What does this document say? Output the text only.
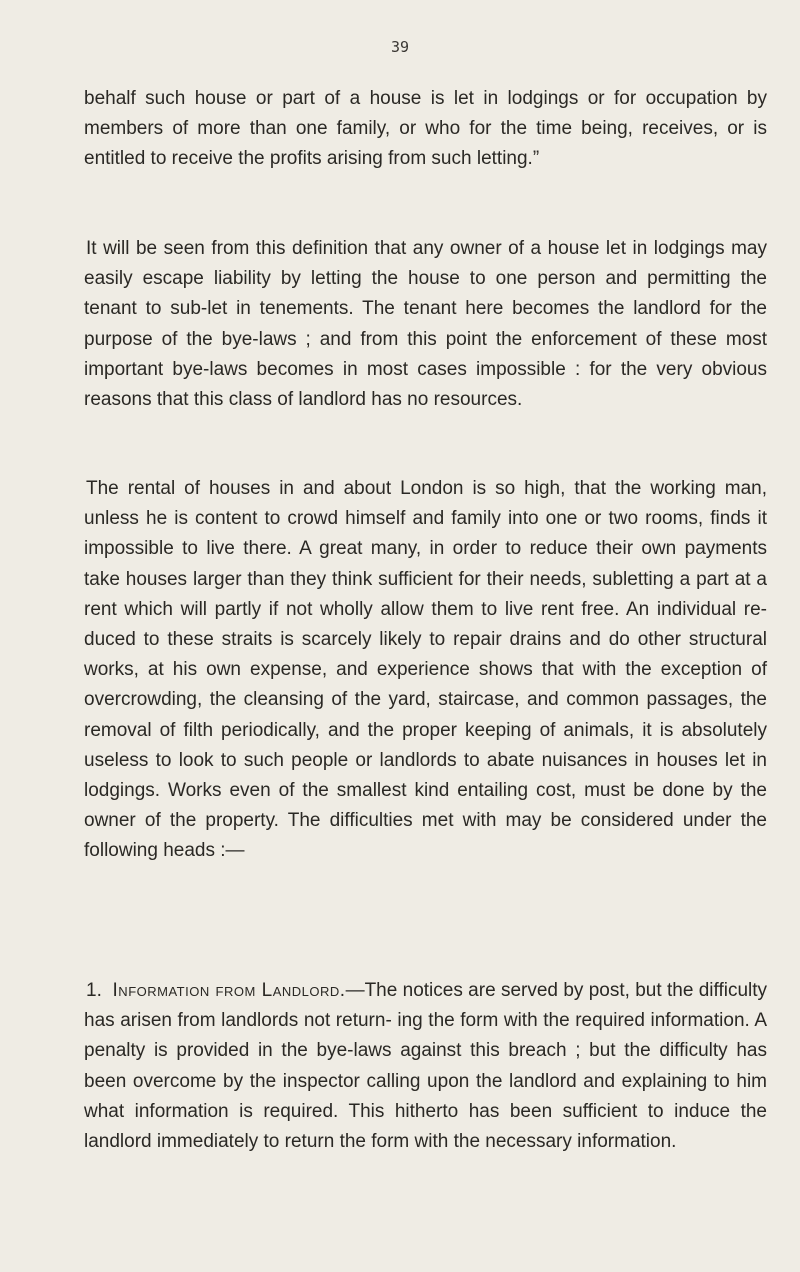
39

behalf such house or part of a house is let in lodgings or for occupation by members of more than one family, or who for the time being, receives, or is entitled to receive the profits arising from such letting.”

It will be seen from this definition that any owner of a house let in lodgings may easily escape liability by letting the house to one person and permitting the tenant to sub-let in tenements. The tenant here becomes the landlord for the purpose of the bye-laws ; and from this point the enforcement of these most important bye-laws becomes in most cases impossible : for the very obvious reasons that this class of landlord has no resources.

The rental of houses in and about London is so high, that the working man, unless he is content to crowd himself and family into one or two rooms, finds it impossible to live there. A great many, in order to reduce their own payments take houses larger than they think sufficient for their needs, subletting a part at a rent which will partly if not wholly allow them to live rent free. An individual re- duced to these straits is scarcely likely to repair drains and do other structural works, at his own expense, and experience shows that with the exception of overcrowding, the cleansing of the yard, staircase, and common passages, the removal of filth periodically, and the proper keeping of animals, it is absolutely useless to look to such people or landlords to abate nuisances in houses let in lodgings. Works even of the smallest kind entailing cost, must be done by the owner of the property. The difficulties met with may be considered under the following heads :—

1. Information from Landlord.—The notices are served by post, but the difficulty has arisen from landlords not return- ing the form with the required information. A penalty is provided in the bye-laws against this breach ; but the difficulty has been overcome by the inspector calling upon the landlord and explaining to him what information is required. This hitherto has been sufficient to induce the landlord immediately to return the form with the necessary information.
